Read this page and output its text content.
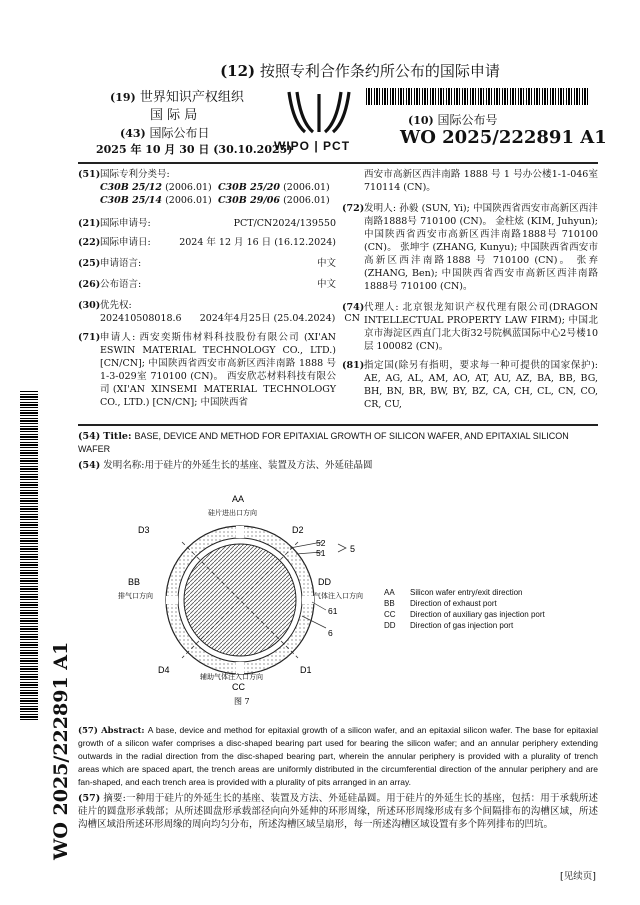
(12) 按照专利合作条约所公布的国际申请
(19) 世界知识产权组织
国 际 局
(43) 国际公布日
2025 年 10 月 30 日 (30.10.2025)
WIPO | PCT
(10) 国际公布号
WO 2025/222891 A1
(51) 国际专利分类号:
C30B 25/12 (2006.01) C30B 25/20 (2006.01)
C30B 25/14 (2006.01) C30B 29/06 (2006.01)
(21) 国际申请号:	PCT/CN2024/139550
(22) 国际申请日:	2024 年 12 月 16 日 (16.12.2024)
(25) 申请语言:	中文
(26) 公布语言:	中文
(30) 优先权:
202410508018.6      2024年4月25日 (25.04.2024)   CN
(71) 申请人: 西安奕斯伟材料科技股份有限公司 (XI'AN ESWIN MATERIAL TECHNOLOGY CO., LTD.) [CN/CN]; 中国陕西省西安市高新区西沣南路 1888 号 1-3-029室 710100 (CN)。 西安欣芯材料科技有限公司(XI'AN XINSEMI MATERIAL TECHNOLOGY CO., LTD.) [CN/CN]; 中国陕西省
西安市高新区西沣南路 1888 号 1 号办公楼1-1-046室 710114 (CN)。
(72) 发明人: 孙毅 (SUN, Yi); 中国陕西省西安市高新区西沣南路1888号 710100 (CN)。 金柱炫 (KIM, Juhyun); 中国陕西省西安市高新区西沣南路1888号 710100 (CN)。 张坤宇 (ZHANG, Kunyu); 中国陕西省西安市高新区西沣南路1888 号 710100 (CN)。 张弃(ZHANG, Ben); 中国陕西省西安市高新区西沣南路1888号 710100 (CN)。
(74) 代理人: 北京银龙知识产权代理有限公司(DRAGON INTELLECTUAL PROPERTY LAW FIRM); 中国北京市海淀区西直门北大街32号院枫蓝国际中心2号楼10层 100082 (CN)。
(81) 指定国(除另有指明，要求每一种可提供的国家保护): AE, AG, AL, AM, AO, AT, AU, AZ, BA, BB, BG, BH, BN, BR, BW, BY, BZ, CA, CH, CL, CN, CO, CR, CU,
WO 2025/222891 A1
(54) Title: BASE, DEVICE AND METHOD FOR EPITAXIAL GROWTH OF SILICON WAFER, AND EPITAXIAL SILICON WAFER
(54) 发明名称:用于硅片的外延生长的基座、装置及方法、外延硅晶圆
AA
硅片进出口方向
D3	D2
52
51	5
BB
排气口方向
DD
气体注入口方向
61
6
D4	D1
辅助气体注入口方向
CC
图 7
AA	Silicon wafer entry/exit direction
BB	Direction of exhaust port
CC	Direction of auxiliary gas injection port
DD	Direction of gas injection port
(57) Abstract: A base, device and method for epitaxial growth of a silicon wafer, and an epitaxial silicon wafer. The base for epitaxial growth of a silicon wafer comprises a disc-shaped bearing part used for bearing the silicon wafer; and an annular periphery extending outwards in the radial direction from the disc-shaped bearing part, wherein the annular periphery is provided with a plurality of trench areas which are spaced apart, the trench areas are uniformly distributed in the circumferential direction of the annular periphery and are fan-shaped, and each trench area is provided with a plurality of pits arranged in an array.
(57) 摘要:一种用于硅片的外延生长的基座、装置及方法、外延硅晶圆。用于硅片的外延生长的基座，包括：用于承载所述硅片的圆盘形承载部；从所述圆盘形承载部径向向外延伸的环形周缘，所述环形周缘形成有多个间隔排布的沟槽区域，所述沟槽区域沿所述环形周缘的周向均匀分布，所述沟槽区域呈扇形，每一所述沟槽区域设置有多个阵列排布的凹坑。
[见续页]
